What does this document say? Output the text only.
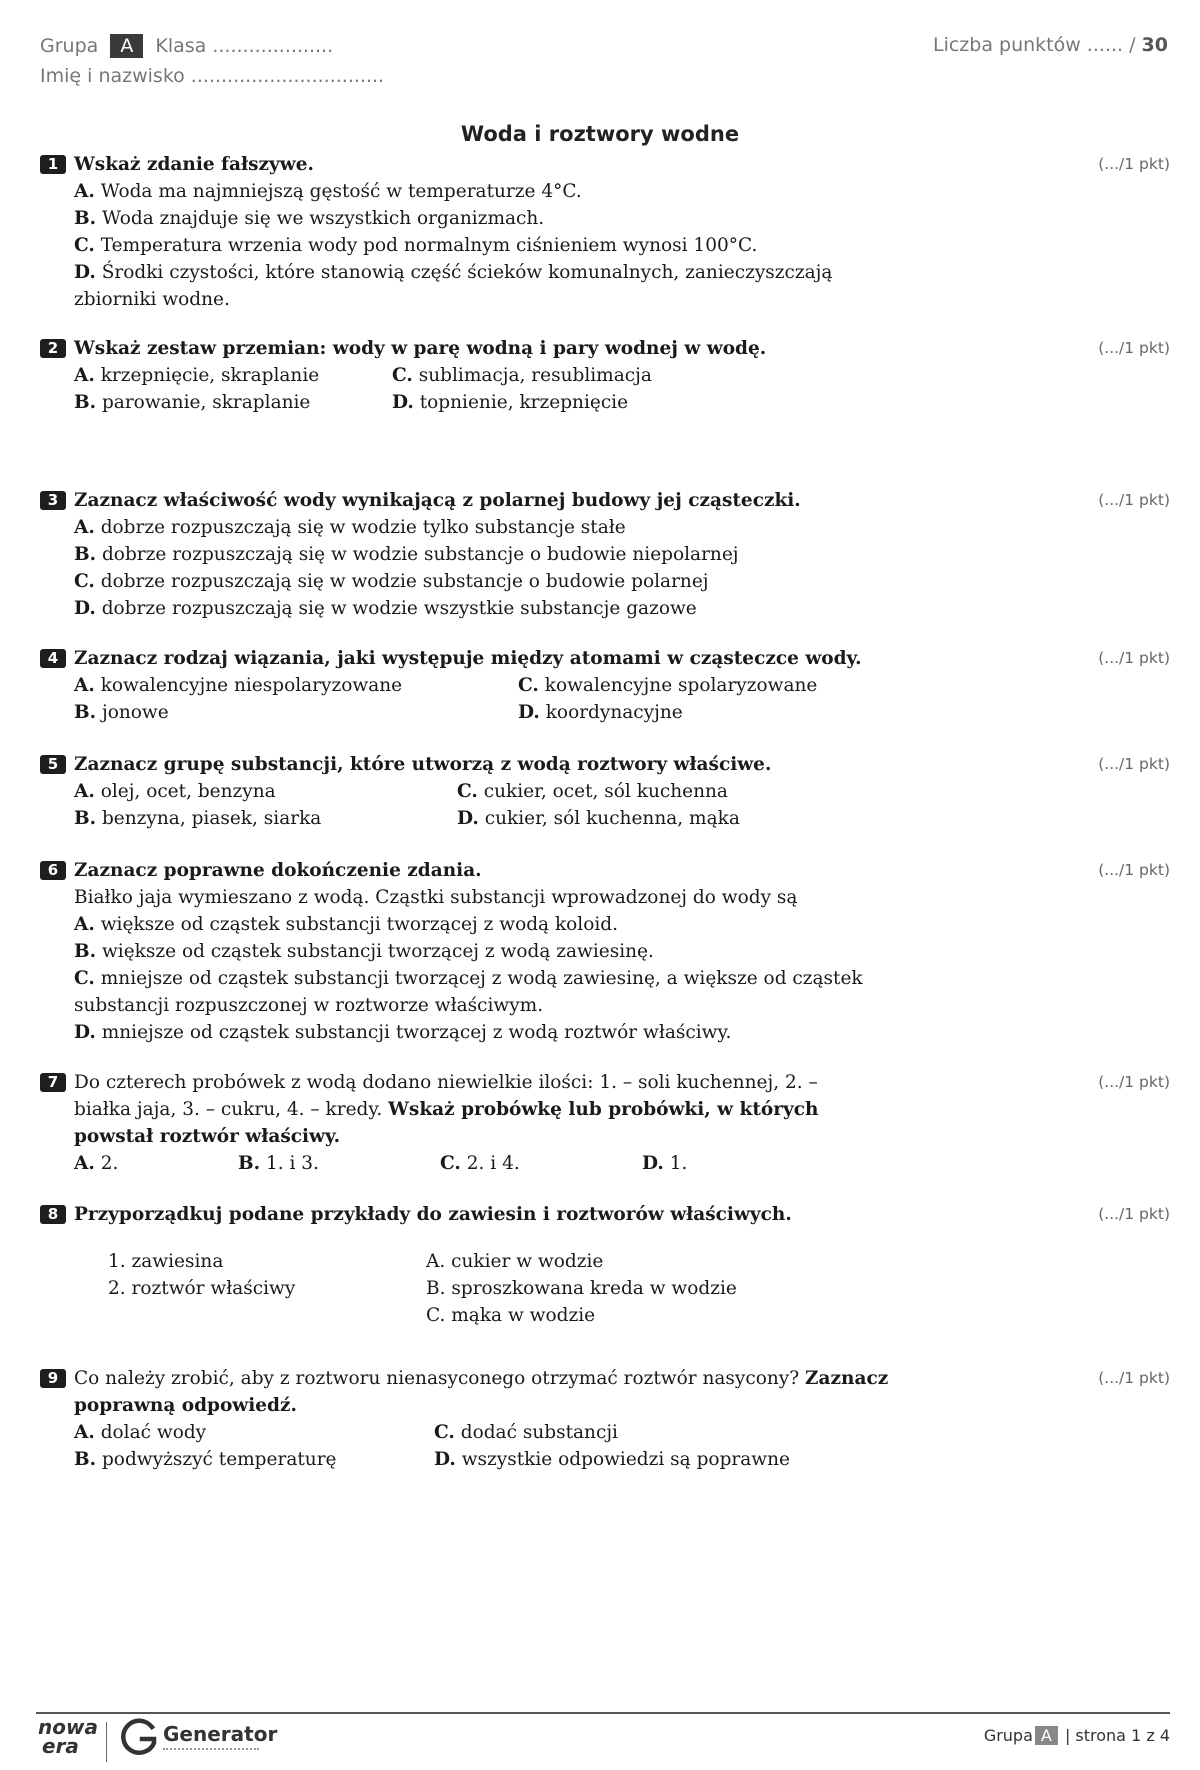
Grupa A Klasa ....................
Imię i nazwisko ................................
Liczba punktów ...... / 30
Woda i roztwory wodne
1 Wskaż zdanie fałszywe.	(.../1 pkt)
A. Woda ma najmniejszą gęstość w temperaturze 4°C.
B. Woda znajduje się we wszystkich organizmach.
C. Temperatura wrzenia wody pod normalnym ciśnieniem wynosi 100°C.
D. Środki czystości, które stanowią część ścieków komunalnych, zanieczyszczają zbiorniki wodne.
2 Wskaż zestaw przemian: wody w parę wodną i pary wodnej w wodę.	(.../1 pkt)
A. krzepnięcie, skraplanie	C. sublimacja, resublimacja
B. parowanie, skraplanie	D. topnienie, krzepnięcie
3 Zaznacz właściwość wody wynikającą z polarnej budowy jej cząsteczki.	(.../1 pkt)
A. dobrze rozpuszczają się w wodzie tylko substancje stałe
B. dobrze rozpuszczają się w wodzie substancje o budowie niepolarnej
C. dobrze rozpuszczają się w wodzie substancje o budowie polarnej
D. dobrze rozpuszczają się w wodzie wszystkie substancje gazowe
4 Zaznacz rodzaj wiązania, jaki występuje między atomami w cząsteczce wody.	(.../1 pkt)
A. kowalencyjne niespolaryzowane	C. kowalencyjne spolaryzowane
B. jonowe	D. koordynacyjne
5 Zaznacz grupę substancji, które utworzą z wodą roztwory właściwe.	(.../1 pkt)
A. olej, ocet, benzyna	C. cukier, ocet, sól kuchenna
B. benzyna, piasek, siarka	D. cukier, sól kuchenna, mąka
6 Zaznacz poprawne dokończenie zdania.	(.../1 pkt)
Białko jaja wymieszano z wodą. Cząstki substancji wprowadzonej do wody są
A. większe od cząstek substancji tworzącej z wodą koloid.
B. większe od cząstek substancji tworzącej z wodą zawiesinę.
C. mniejsze od cząstek substancji tworzącej z wodą zawiesinę, a większe od cząstek substancji rozpuszczonej w roztworze właściwym.
D. mniejsze od cząstek substancji tworzącej z wodą roztwór właściwy.
7 Do czterech probówek z wodą dodano niewielkie ilości: 1. – soli kuchennej, 2. – białka jaja, 3. – cukru, 4. – kredy. Wskaż probówkę lub probówki, w których powstał roztwór właściwy.
(.../1 pkt)
A. 2.	B. 1. i 3.	C. 2. i 4.	D. 1.
8 Przyporządkuj podane przykłady do zawiesin i roztworów właściwych.	(.../1 pkt)
1. zawiesina
2. roztwór właściwy
A. cukier w wodzie
B. sproszkowana kreda w wodzie
C. mąka w wodzie
9 Co należy zrobić, aby z roztworu nienasyconego otrzymać roztwór nasycony? Zaznacz poprawną odpowiedź.
(.../1 pkt)
A. dolać wody	C. dodać substancji
B. podwyższyć temperaturę	D. wszystkie odpowiedzi są poprawne
nowa
era	Generator	Grupa A | strona 1 z 4
